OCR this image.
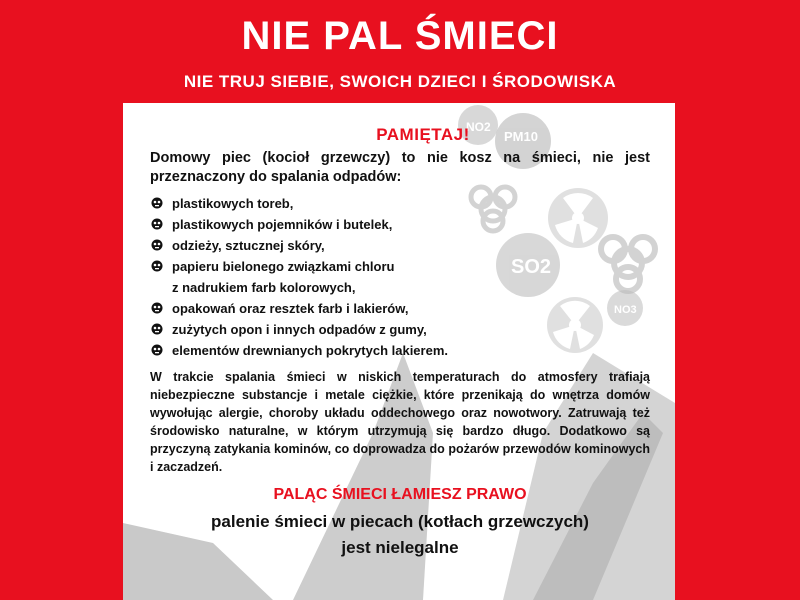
NIE PAL ŚMIECI
NIE TRUJ SIEBIE, SWOICH DZIECI I ŚRODOWISKA
NO2
PM10
SO2
NO3
PAMIĘTAJ!
Domowy piec (kocioł grzewczy) to nie kosz na śmieci, nie jest przeznaczony do spalania odpadów:
plastikowych toreb,
plastikowych pojemników i butelek,
odzieży, sztucznej skóry,
papieru bielonego związkami chloru
z nadrukiem farb kolorowych,
opakowań oraz resztek farb i lakierów,
zużytych opon i innych odpadów z gumy,
elementów drewnianych pokrytych lakierem.
W trakcie spalania śmieci w niskich temperaturach do atmosfery trafiają niebezpieczne substancje i metale ciężkie, które przenikają do wnętrza domów wywołując alergie, choroby układu oddechowego oraz nowotwory. Zatruwają też środowisko naturalne, w którym utrzymują się bardzo długo. Dodatkowo są przyczyną zatykania kominów, co doprowadza do pożarów przewodów kominowych i zaczadzeń.
PALĄC ŚMIECI ŁAMIESZ PRAWO
palenie śmieci w piecach (kotłach grzewczych)
jest nielegalne
